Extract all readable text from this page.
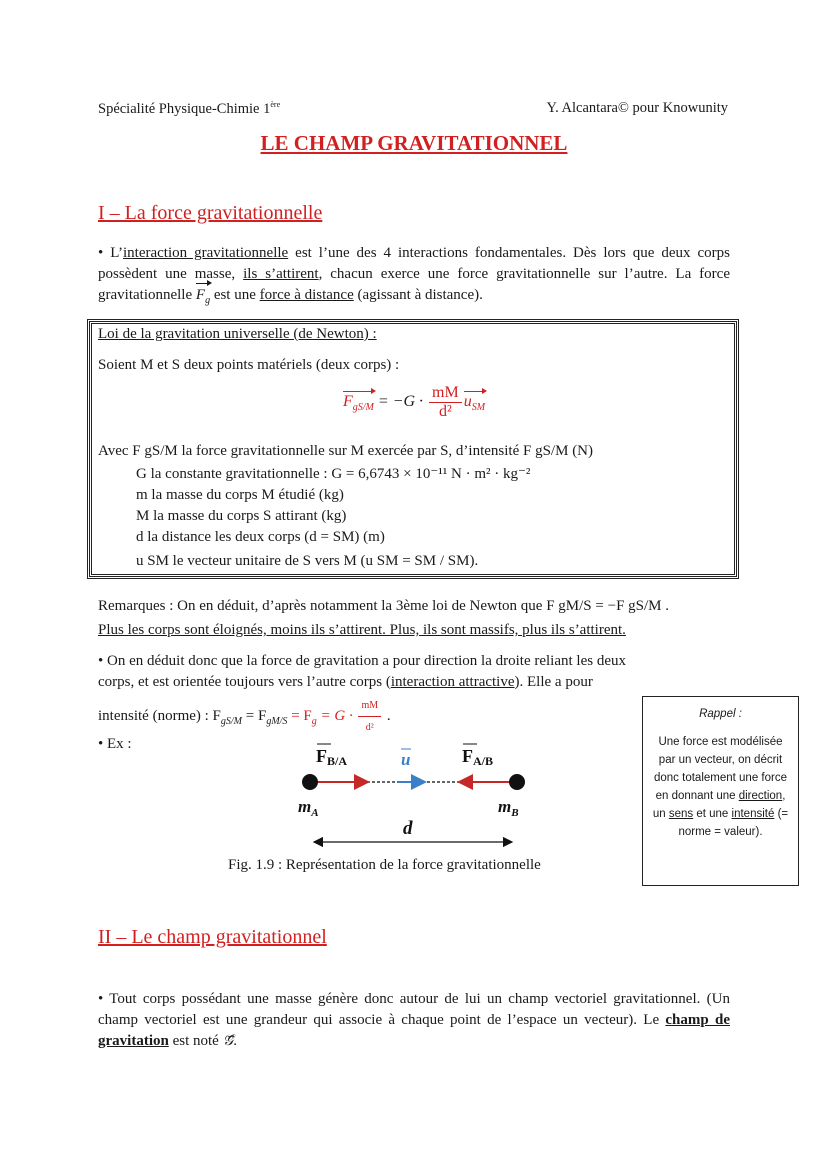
Spécialité Physique-Chimie 1ère	Y. Alcantara© pour Knowunity
LE CHAMP GRAVITATIONNEL
I – La force gravitationnelle
• L’interaction gravitationnelle est l’une des 4 interactions fondamentales. Dès lors que deux corps possèdent une masse, ils s’attirent, chacun exerce une force gravitationnelle sur l’autre. La force gravitationnelle $F_g$ est une force à distance (agissant à distance).
Loi de la gravitation universelle (de Newton) :
Soient M et S deux points matériels (deux corps) :
$F_{gS/M} = -G \cdot \frac{mM}{\text{d²}} u_{SM}$
Avec F gS/M la force gravitationnelle sur M exercée par S, d’intensité F gS/M (N)
G la constante gravitationnelle : G = 6,6743 × 10⁻¹¹ N · m² · kg⁻²
m la masse du corps M étudié (kg)
M la masse du corps S attirant (kg)
d la distance les deux corps (d = SM) (m)
u SM le vecteur unitaire de S vers M (u SM = SM / SM).
Remarques : On en déduit, d’après notamment la 3ème loi de Newton que F gM/S = −F gS/M .
Plus les corps sont éloignés, moins ils s’attirent. Plus, ils sont massifs, plus ils s’attirent.
• On en déduit donc que la force de gravitation a pour direction la droite reliant les deux
corps, et est orientée toujours vers l’autre corps (interaction attractive). Elle a pour
intensité (norme) : $F_{gS/M} = F_{gM/S} = F_g = G \cdot \frac{mM}{\text{d²}}$ .
• Ex :
FB/A	u	FA/B
$m_A$	$m_B$
d
Fig. 1.9 : Représentation de la force gravitationnelle
Rappel :
Une force est modélisée par un vecteur, on décrit donc totalement une force en donnant une direction, un sens et une intensité (= norme = valeur).
II – Le champ gravitationnel
• Tout corps possédant une masse génère donc autour de lui un champ vectoriel gravitationnel. (Un champ vectoriel est une grandeur qui associe à chaque point de l’espace un vecteur). Le champ de gravitation est noté 𝒢⃗.
